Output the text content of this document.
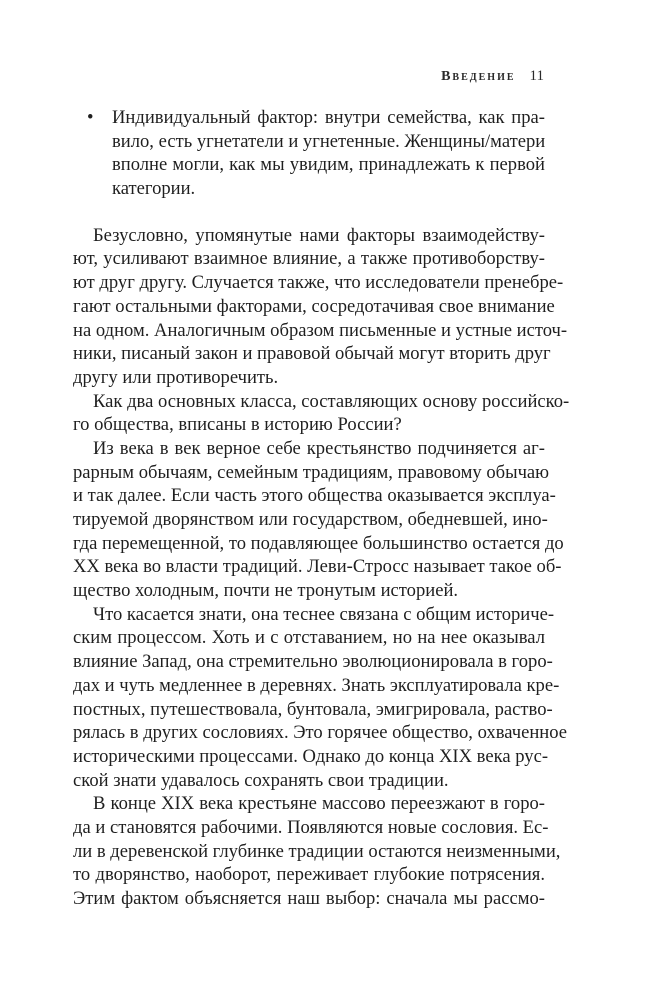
Введение 11
• Индивидуальный фактор: внутри семейства, как пра-
вило, есть угнетатели и угнетенные. Женщины/матери
вполне могли, как мы увидим, принадлежать к первой
категории.
Безусловно, упомянутые нами факторы взаимодейству-
ют, усиливают взаимное влияние, а также противоборству-
ют друг другу. Случается также, что исследователи пренебре-
гают остальными факторами, сосредотачивая свое внимание
на одном. Аналогичным образом письменные и устные источ-
ники, писаный закон и правовой обычай могут вторить друг
другу или противоречить.
Как два основных класса, составляющих основу российско-
го общества, вписаны в историю России?
Из века в век верное себе крестьянство подчиняется аг-
рарным обычаям, семейным традициям, правовому обычаю
и так далее. Если часть этого общества оказывается эксплуа-
тируемой дворянством или государством, обедневшей, ино-
гда перемещенной, то подавляющее большинство остается до
XX века во власти традиций. Леви-Стросс называет такое об-
щество холодным, почти не тронутым историей.
Что касается знати, она теснее связана с общим историче-
ским процессом. Хоть и с отставанием, но на нее оказывал
влияние Запад, она стремительно эволюционировала в горо-
дах и чуть медленнее в деревнях. Знать эксплуатировала кре-
постных, путешествовала, бунтовала, эмигрировала, раство-
рялась в других сословиях. Это горячее общество, охваченное
историческими процессами. Однако до конца XIX века рус-
ской знати удавалось сохранять свои традиции.
В конце XIX века крестьяне массово переезжают в горо-
да и становятся рабочими. Появляются новые сословия. Ес-
ли в деревенской глубинке традиции остаются неизменными,
то дворянство, наоборот, переживает глубокие потрясения.
Этим фактом объясняется наш выбор: сначала мы рассмо-
